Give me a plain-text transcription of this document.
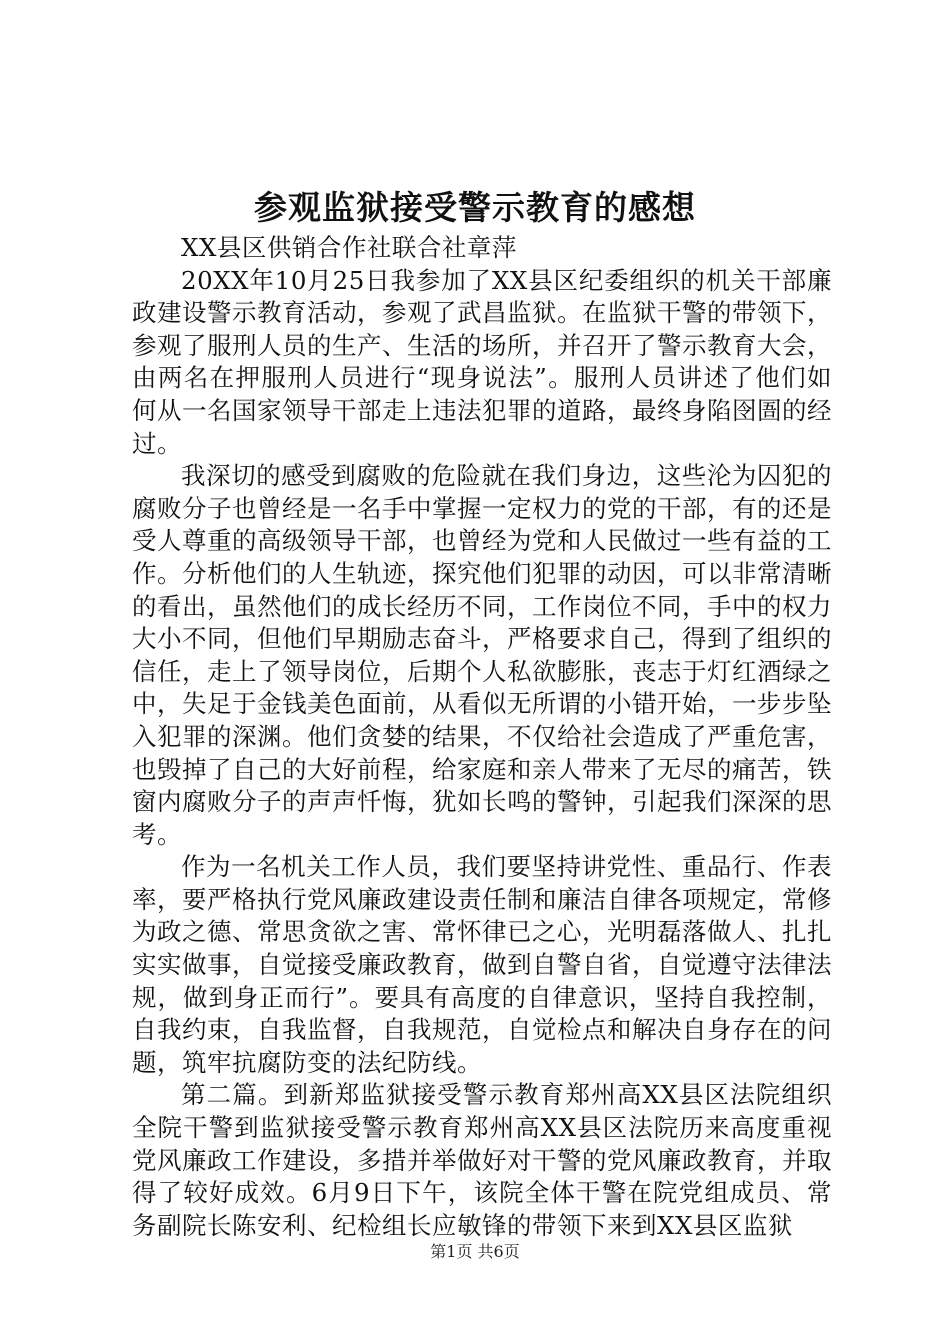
参观监狱接受警示教育的感想

XX县区供销合作社联合社章萍

20XX年10月25日我参加了XX县区纪委组织的机关干部廉政建设警示教育活动，参观了武昌监狱。在监狱干警的带领下，参观了服刑人员的生产、生活的场所，并召开了警示教育大会，由两名在押服刑人员进行“现身说法”。服刑人员讲述了他们如何从一名国家领导干部走上违法犯罪的道路，最终身陷囹圄的经过。

我深切的感受到腐败的危险就在我们身边，这些沦为囚犯的腐败分子也曾经是一名手中掌握一定权力的党的干部，有的还是受人尊重的高级领导干部，也曾经为党和人民做过一些有益的工作。分析他们的人生轨迹，探究他们犯罪的动因，可以非常清晰的看出，虽然他们的成长经历不同，工作岗位不同，手中的权力大小不同，但他们早期励志奋斗，严格要求自己，得到了组织的信任，走上了领导岗位，后期个人私欲膨胀，丧志于灯红酒绿之中，失足于金钱美色面前，从看似无所谓的小错开始，一步步坠入犯罪的深渊。他们贪婪的结果，不仅给社会造成了严重危害，也毁掉了自己的大好前程，给家庭和亲人带来了无尽的痛苦，铁窗内腐败分子的声声忏悔，犹如长鸣的警钟，引起我们深深的思考。

作为一名机关工作人员，我们要坚持讲党性、重品行、作表率，要严格执行党风廉政建设责任制和廉洁自律各项规定，常修为政之德、常思贪欲之害、常怀律已之心，光明磊落做人、扎扎实实做事，自觉接受廉政教育，做到自警自省，自觉遵守法律法规，做到身正而行”。要具有高度的自律意识，坚持自我控制，自我约束，自我监督，自我规范，自觉检点和解决自身存在的问题，筑牢抗腐防变的法纪防线。

第二篇。到新郑监狱接受警示教育郑州高XX县区法院组织全院干警到监狱接受警示教育郑州高XX县区法院历来高度重视党风廉政工作建设，多措并举做好对干警的党风廉政教育，并取得了较好成效。6月9日下午，该院全体干警在院党组成员、常务副院长陈安利、纪检组长应敏锋的带领下来到XX县区监狱

第1页 共6页
